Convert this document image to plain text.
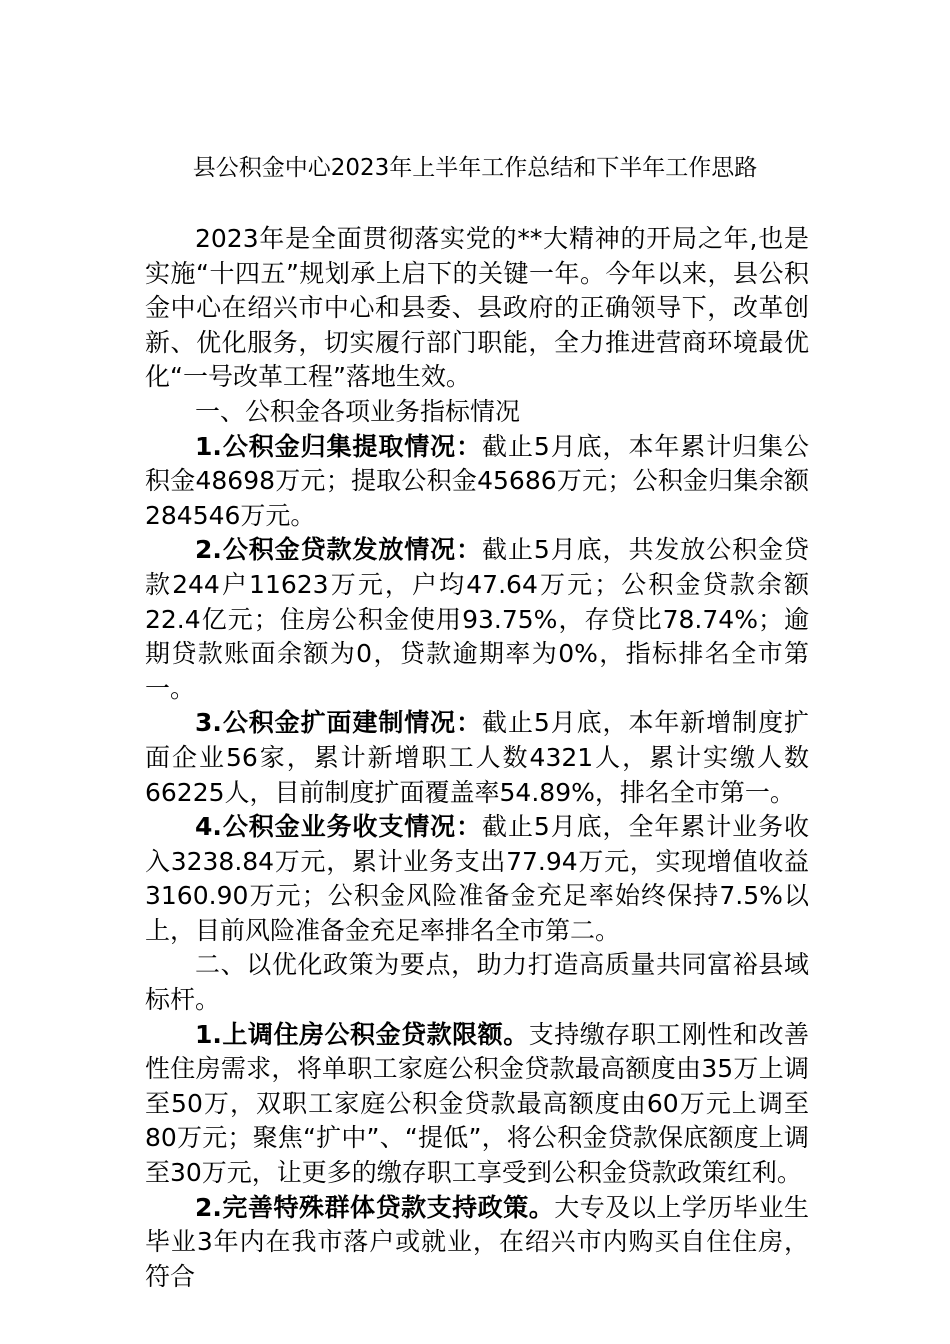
县公积金中心2023年上半年工作总结和下半年工作思路

2023年是全面贯彻落实党的**大精神的开局之年,也是实施“十四五”规划承上启下的关键一年。今年以来，县公积金中心在绍兴市中心和县委、县政府的正确领导下，改革创新、优化服务，切实履行部门职能，全力推进营商环境最优化“一号改革工程”落地生效。

一、公积金各项业务指标情况

1.公积金归集提取情况：截止5月底，本年累计归集公积金48698万元；提取公积金45686万元；公积金归集余额284546万元。

2.公积金贷款发放情况：截止5月底，共发放公积金贷款244户11623万元，户均47.64万元；公积金贷款余额22.4亿元；住房公积金使用93.75%，存贷比78.74%；逾期贷款账面余额为0，贷款逾期率为0%，指标排名全市第一。

3.公积金扩面建制情况：截止5月底，本年新增制度扩面企业56家，累计新增职工人数4321人，累计实缴人数66225人，目前制度扩面覆盖率54.89%，排名全市第一。

4.公积金业务收支情况：截止5月底，全年累计业务收入3238.84万元，累计业务支出77.94万元，实现增值收益3160.90万元；公积金风险准备金充足率始终保持7.5%以上，目前风险准备金充足率排名全市第二。

二、以优化政策为要点，助力打造高质量共同富裕县域标杆。

1.上调住房公积金贷款限额。支持缴存职工刚性和改善性住房需求，将单职工家庭公积金贷款最高额度由35万上调至50万，双职工家庭公积金贷款最高额度由60万元上调至80万元；聚焦“扩中”、“提低”，将公积金贷款保底额度上调至30万元，让更多的缴存职工享受到公积金贷款政策红利。

2.完善特殊群体贷款支持政策。大专及以上学历毕业生毕业3年内在我市落户或就业，在绍兴市内购买自住住房，符合
